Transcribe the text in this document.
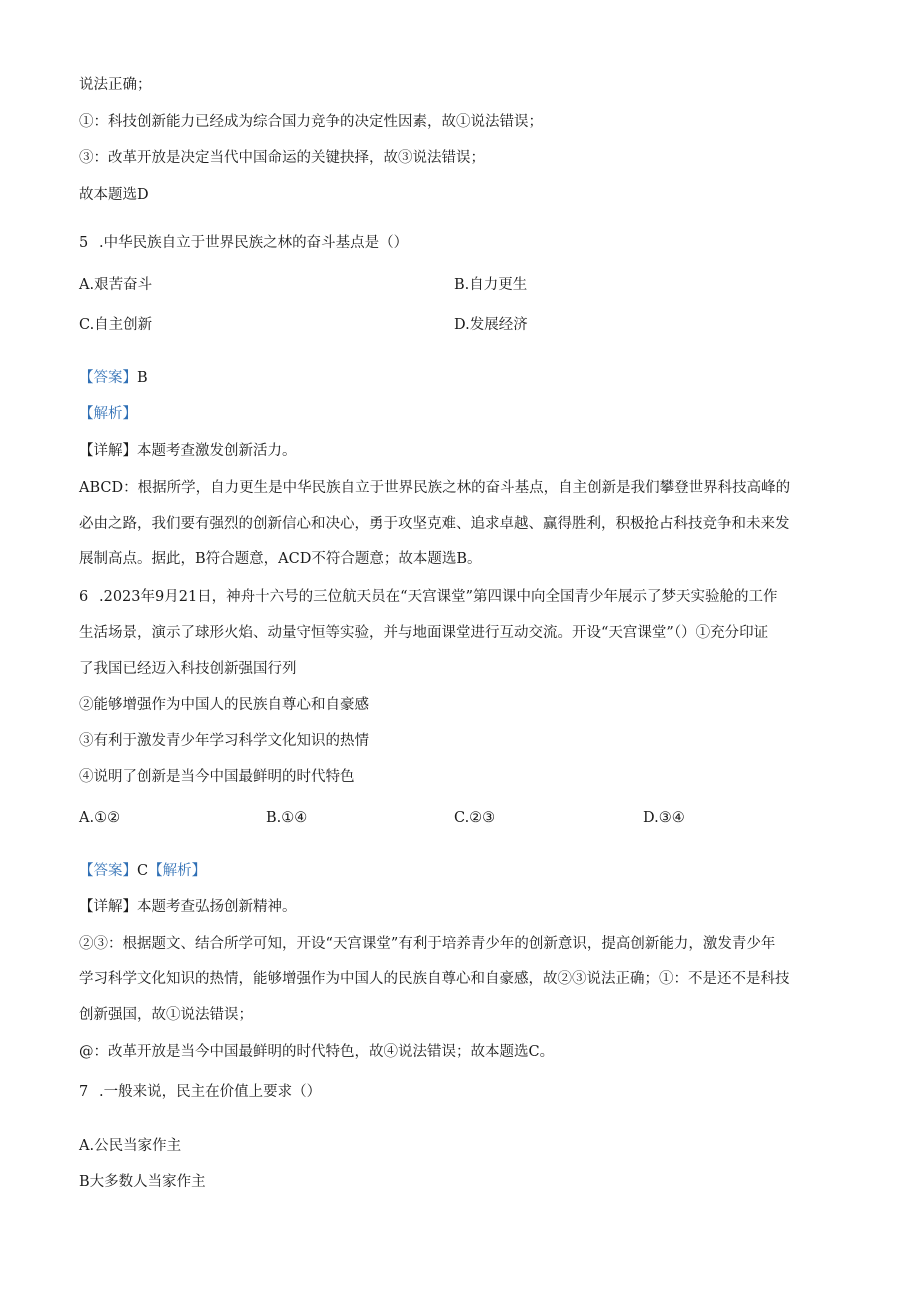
说法正确；
①：科技创新能力已经成为综合国力竞争的决定性因素，故①说法错误；
③：改革开放是决定当代中国命运的关键抉择，故③说法错误；
故本题选D
5 .中华民族自立于世界民族之林的奋斗基点是（）
A.艰苦奋斗	B.自力更生
C.自主创新	D.发展经济
【答案】B
【解析】
【详解】本题考查激发创新活力。
ABCD：根据所学，自力更生是中华民族自立于世界民族之林的奋斗基点，自主创新是我们攀登世界科技高峰的
必由之路，我们要有强烈的创新信心和决心，勇于攻坚克难、追求卓越、赢得胜利，积极抢占科技竞争和未来发
展制高点。据此，B符合题意，ACD不符合题意；故本题选B。
6 .2023年9月21日，神舟十六号的三位航天员在“天宫课堂”第四课中向全国青少年展示了梦天实验舱的工作
生活场景，演示了球形火焰、动量守恒等实验，并与地面课堂进行互动交流。开设“天宫课堂”（）①充分印证
了我国已经迈入科技创新强国行列
②能够增强作为中国人的民族自尊心和自豪感
③有利于激发青少年学习科学文化知识的热情
④说明了创新是当今中国最鲜明的时代特色
A.①②	B.①④	C.②③	D.③④
【答案】C【解析】
【详解】本题考查弘扬创新精神。
②③：根据题文、结合所学可知，开设“天宫课堂”有利于培养青少年的创新意识，提高创新能力，激发青少年
学习科学文化知识的热情，能够增强作为中国人的民族自尊心和自豪感，故②③说法正确；①：不是还不是科技
创新强国，故①说法错误；
@：改革开放是当今中国最鲜明的时代特色，故④说法错误；故本题选C。
7 .一般来说，民主在价值上要求（）
A.公民当家作主
B大多数人当家作主
